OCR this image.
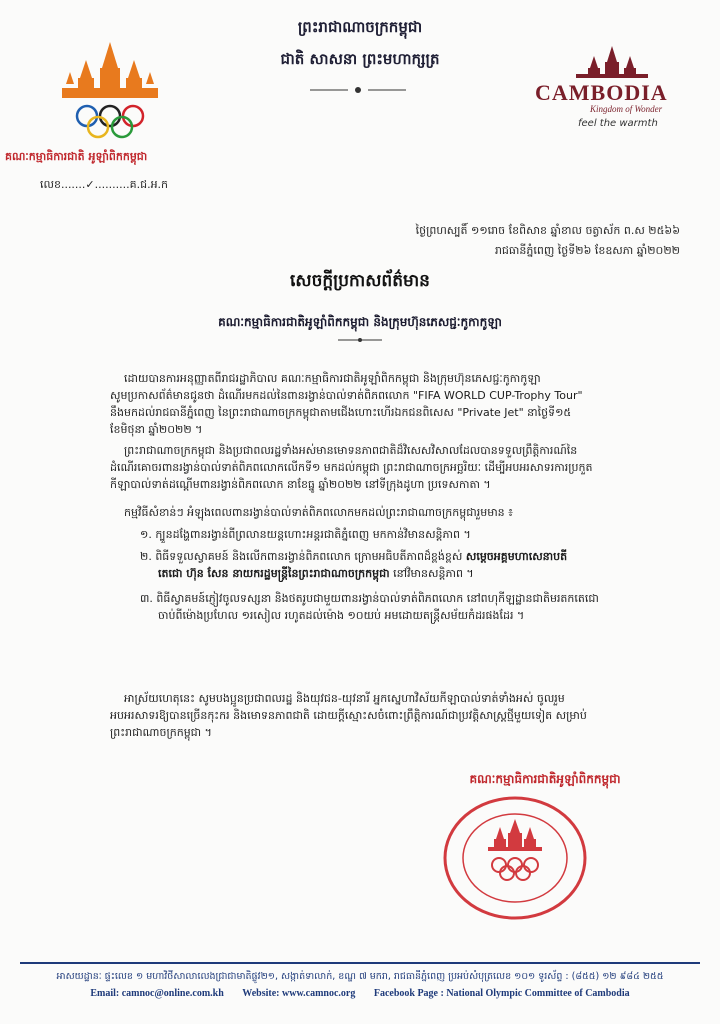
គណៈកម្មាធិការជាតិ អូឡាំពិកកម្ពុជា
លេខ.......✓..........គ.ជ.អ.ក
ព្រះរាជាណាចក្រកម្ពុជា
ជាតិ សាសនា ព្រះមហាក្សត្រ
CAMBODIA
Kingdom of Wonder
feel the warmth
ថ្ងៃព្រហស្បតិ៍ ១១រោច ខែពិសាខ ឆ្នាំខាល ចត្វាស័ក ព.ស ២៥៦៦
រាជធានីភ្នំពេញ ថ្ងៃទី២៦ ខែឧសភា ឆ្នាំ២០២២
សេចក្តីប្រកាសព័ត៌មាន
គណៈកម្មាធិការជាតិអូឡាំពិកកម្ពុជា និងក្រុមហ៊ុនភេសជ្ជៈកូកាកូឡា
ដោយបានការអនុញ្ញាតពីរាជរដ្ឋាភិបាល គណៈកម្មាធិការជាតិអូឡាំពិកកម្ពុជា និងក្រុមហ៊ុនភេសជ្ជៈកូកាកូឡា
សូមប្រកាសព័ត៌មានជូនថា ដំណើរមកដល់នៃពានរង្វាន់បាល់ទាត់ពិភពលោក "FIFA WORLD CUP-Trophy Tour"
នឹងមកដល់រាជធានីភ្នំពេញ នៃព្រះរាជាណាចក្រកម្ពុជាតាមជើងហោះហើរឯកជនពិសេស "Private Jet" នាថ្ងៃទី១៥
ខែមិថុនា ឆ្នាំ២០២២ ។
ព្រះរាជាណាចក្រកម្ពុជា និងប្រជាពលរដ្ឋទាំងអស់មានមោទនភាពជាតិដ៏វិសេសវិសាលដែលបានទទួលព្រឹត្តិការណ៍នៃ
ដំណើរគោចរពានរង្វាន់បាល់ទាត់ពិភពលោកលើកទី១ មកដល់កម្ពុជា ព្រះរាជាណាចក្រអច្ឆរិយៈ ដើម្បីអបអរសាទរការប្រកួត
កីឡាបាល់ទាត់ដណ្តើមពានរង្វាន់ពិភពលោក នាខែធ្នូ ឆ្នាំ២០២២ នៅទីក្រុងដូហា ប្រទេសកាតា ។
កម្មវិធីសំខាន់ៗ អំឡុងពេលពានរង្វាន់បាល់ទាត់ពិភពលោកមកដល់ព្រះរាជាណាចក្រកម្ពុជារួមមាន ៖
១. ក្បួនដង្ហែពានរង្វាន់ពីព្រលានយន្តហោះអន្តរជាតិភ្នំពេញ មកកាន់វិមានសន្តិភាព ។
២. ពិធីទទួលស្វាគមន៍ និងលើកពានរង្វាន់ពិភពលោក ក្រោមអធិបតីភាពដ៏ខ្ពង់ខ្ពស់ សម្តេចអគ្គមហាសេនាបតី
តេជោ ហ៊ុន សែន នាយករដ្ឋមន្ត្រីនៃព្រះរាជាណាចក្រកម្ពុជា នៅវិមានសន្តិភាព ។
៣. ពិធីស្វាគមន៍ភ្ញៀវចូលទស្សនា និងថតរូបជាមួយពានរង្វាន់បាល់ទាត់ពិភពលោក នៅពហុកីឡដ្ឋានជាតិមរតកតេជោ
ចាប់ពីម៉ោងប្រហែល ១រសៀល រហូតដល់ម៉ោង ១០យប់ អមដោយតន្ត្រីសម័យកំដរផងដែរ ។
អាស្រ័យហេតុនេះ សូមបងប្អូនប្រជាពលរដ្ឋ និងយុវជន-យុវនារី អ្នកស្នេហាវិស័យកីឡាបាល់ទាត់ទាំងអស់ ចូលរួម
អបអរសាទរឱ្យបានច្រើនកុះករ និងមោទនភាពជាតិ ដោយក្តីស្មោះសចំពោះព្រឹត្តិការណ៍ជាប្រវត្តិសាស្ត្រថ្មីមួយទៀត សម្រាប់
ព្រះរាជាណាចក្រកម្ពុជា ។
គណៈកម្មាធិការជាតិអូឡាំពិកកម្ពុជា
អាសយដ្ឋានៈ ផ្ទះលេខ ១ មហាវិថីសាលាលេងជ្រាជាមាតិផ្លូវ២១, សង្កាត់ទាលាក់, ខណ្ឌ ៧ មករា, រាជធានីភ្នំពេញ ប្រអប់សំបុត្រលេខ ១០១ ទូរស័ព្ទ : (៨៥៥) ១២ ៩៨៤ ២៥៥
Email: camnoc@online.com.kh Website: www.camnoc.org Facebook Page : National Olympic Committee of Cambodia
